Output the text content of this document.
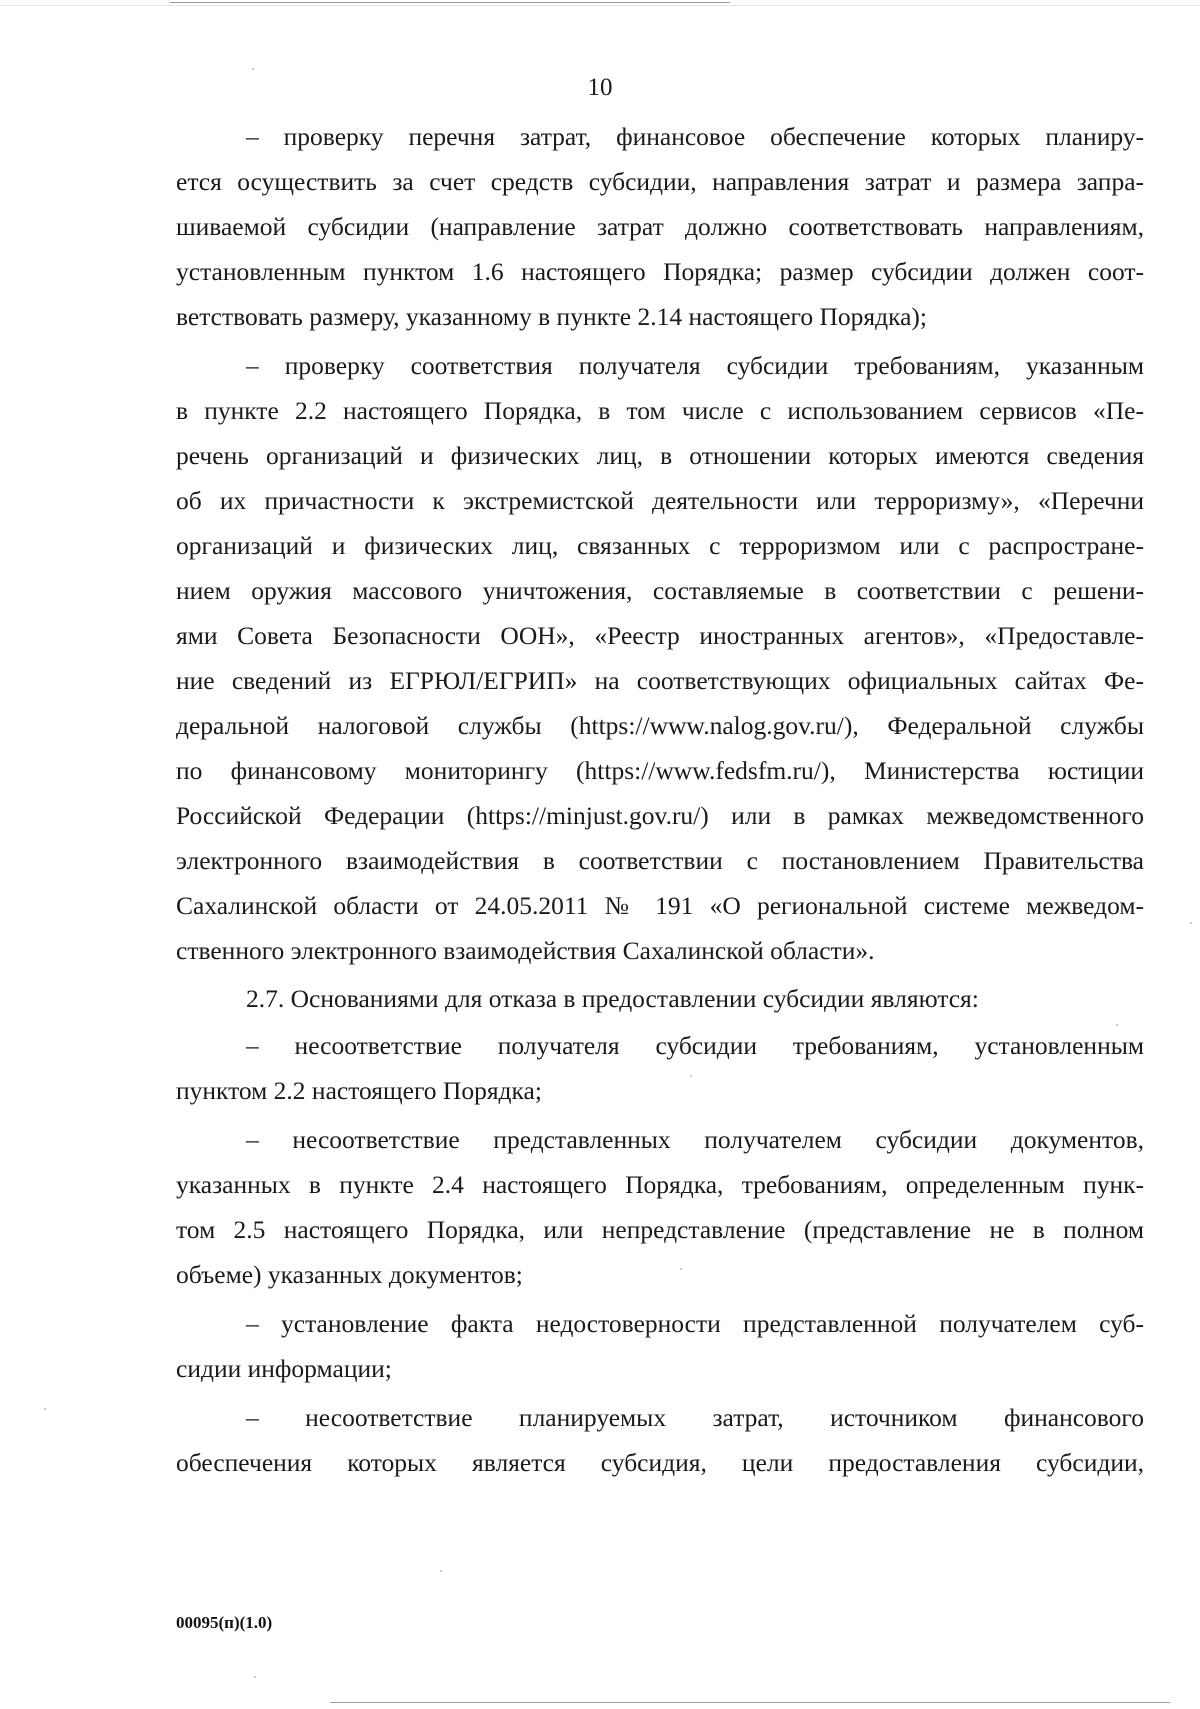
10
– проверку перечня затрат, финансовое обеспечение которых планиру-
ется осуществить за счет средств субсидии, направления затрат и размера запра-
шиваемой субсидии (направление затрат должно соответствовать направлениям,
установленным пунктом 1.6 настоящего Порядка; размер субсидии должен соот-
ветствовать размеру, указанному в пункте 2.14 настоящего Порядка);
– проверку соответствия получателя субсидии требованиям, указанным
в пункте 2.2 настоящего Порядка, в том числе с использованием сервисов «Пе-
речень организаций и физических лиц, в отношении которых имеются сведения
об их причастности к экстремистской деятельности или терроризму», «Перечни
организаций и физических лиц, связанных с терроризмом или с распростране-
нием оружия массового уничтожения, составляемые в соответствии с решени-
ями Совета Безопасности ООН», «Реестр иностранных агентов», «Предоставле-
ние сведений из ЕГРЮЛ/ЕГРИП» на соответствующих официальных сайтах Фе-
деральной налоговой службы (https://www.nalog.gov.ru/), Федеральной службы
по финансовому мониторингу (https://www.fedsfm.ru/), Министерства юстиции
Российской Федерации (https://minjust.gov.ru/) или в рамках межведомственного
электронного взаимодействия в соответствии с постановлением Правительства
Сахалинской области от 24.05.2011 № 191 «О региональной системе межведом-
ственного электронного взаимодействия Сахалинской области».
2.7. Основаниями для отказа в предоставлении субсидии являются:
– несоответствие получателя субсидии требованиям, установленным
пунктом 2.2 настоящего Порядка;
– несоответствие представленных получателем субсидии документов,
указанных в пункте 2.4 настоящего Порядка, требованиям, определенным пунк-
том 2.5 настоящего Порядка, или непредставление (представление не в полном
объеме) указанных документов;
– установление факта недостоверности представленной получателем суб-
сидии информации;
– несоответствие планируемых затрат, источником финансового
обеспечения которых является субсидия, цели предоставления субсидии,
00095(п)(1.0)
